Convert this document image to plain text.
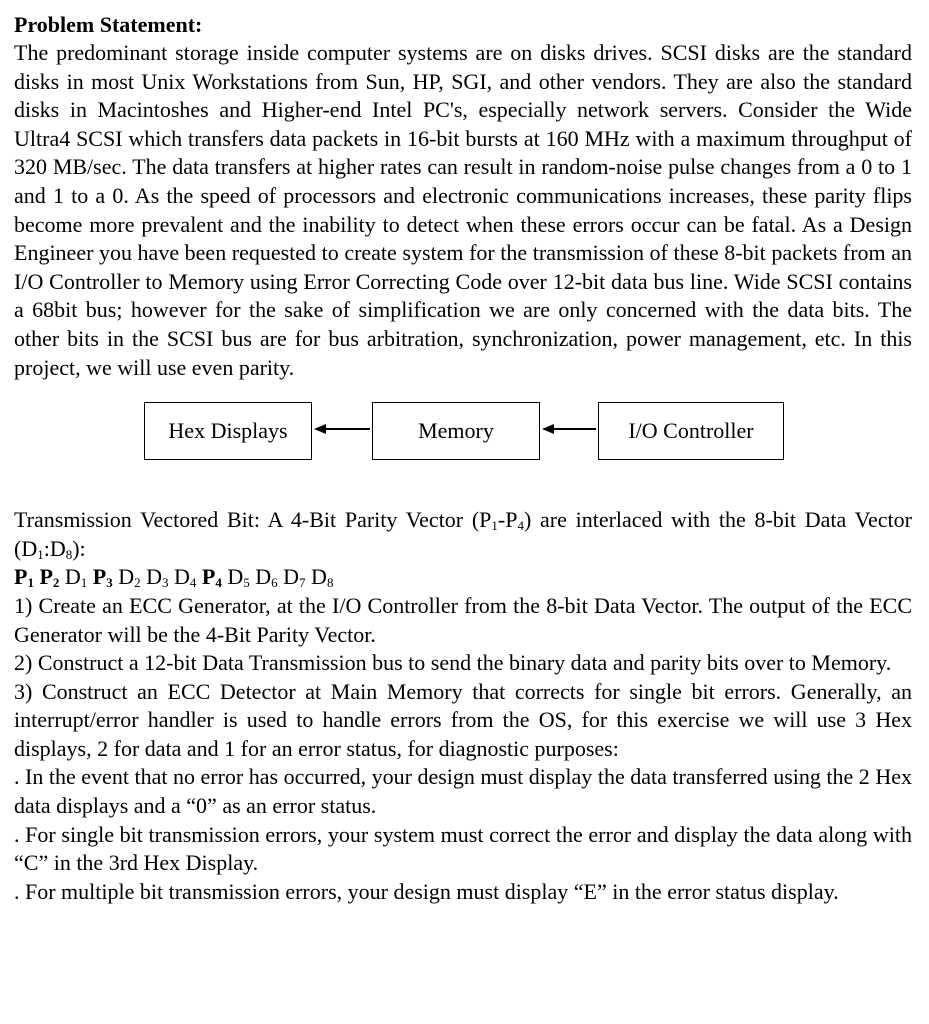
Problem Statement:

The predominant storage inside computer systems are on disks drives. SCSI disks are the standard disks in most Unix Workstations from Sun, HP, SGI, and other vendors. They are also the standard disks in Macintoshes and Higher-end Intel PC's, especially network servers. Consider the Wide Ultra4 SCSI which transfers data packets in 16-bit bursts at 160 MHz with a maximum throughput of 320 MB/sec. The data transfers at higher rates can result in random-noise pulse changes from a 0 to 1 and 1 to a 0. As the speed of processors and electronic communications increases, these parity flips become more prevalent and the inability to detect when these errors occur can be fatal. As a Design Engineer you have been requested to create system for the transmission of these 8-bit packets from an I/O Controller to Memory using Error Correcting Code over 12-bit data bus line. Wide SCSI contains a 68bit bus; however for the sake of simplification we are only concerned with the data bits. The other bits in the SCSI bus are for bus arbitration, synchronization, power management, etc. In this project, we will use even parity.

Hex Displays	Memory	I/O Controller

Transmission Vectored Bit: A 4-Bit Parity Vector $(P_1-P_4)$ are interlaced with the 8-bit Data Vector $(D_1:D_8)$:

$P_1$ $P_2$ $D_1$ $P_3$ $D_2$ $D_3$ $D_4$ $P_4$ $D_5$ $D_6$ $D_7$ $D_8$

1) Create an ECC Generator, at the I/O Controller from the 8-bit Data Vector. The output of the ECC Generator will be the 4-Bit Parity Vector.

2) Construct a 12-bit Data Transmission bus to send the binary data and parity bits over to Memory.

3) Construct an ECC Detector at Main Memory that corrects for single bit errors. Generally, an interrupt/error handler is used to handle errors from the OS, for this exercise we will use 3 Hex displays, 2 for data and 1 for an error status, for diagnostic purposes:

. In the event that no error has occurred, your design must display the data transferred using the 2 Hex data displays and a “0” as an error status.

. For single bit transmission errors, your system must correct the error and display the data along with “C” in the 3rd Hex Display.

. For multiple bit transmission errors, your design must display “E” in the error status display.
